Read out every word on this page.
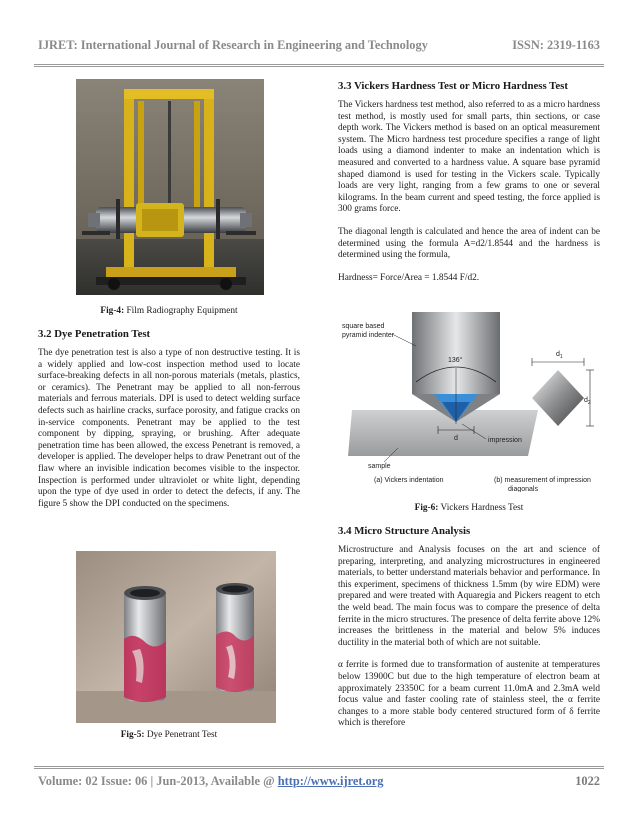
IJRET: International Journal of Research in Engineering and Technology	ISSN: 2319-1163
Fig-4: Film Radiography Equipment

3.2 Dye Penetration Test

The dye penetration test is also a type of non destructive testing. It is a widely applied and low-cost inspection method used to locate surface-breaking defects in all non-porous materials (metals, plastics, or ceramics). The Penetrant may be applied to all non-ferrous materials and ferrous materials. DPI is used to detect welding surface defects such as hairline cracks, surface porosity, and fatigue cracks on in-service components. Penetrant may be applied to the test component by dipping, spraying, or brushing. After adequate penetration time has been allowed, the excess Penetrant is removed, a developer is applied. The developer helps to draw Penetrant out of the flaw where an invisible indication becomes visible to the inspector. Inspection is performed under ultraviolet or white light, depending upon the type of dye used in order to detect the defects, if any. The figure 5 show the DPI conducted on the specimens.

Fig-5: Dye Penetrant Test

3.3 Vickers Hardness Test or Micro Hardness Test

The Vickers hardness test method, also referred to as a micro hardness test method, is mostly used for small parts, thin sections, or case depth work. The Vickers method is based on an optical measurement system. The Micro hardness test procedure specifies a range of light loads using a diamond indenter to make an indentation which is measured and converted to a hardness value. A square base pyramid shaped diamond is used for testing in the Vickers scale. Typically loads are very light, ranging from a few grams to one or several kilograms. In the beam current and speed testing, the force applied is 300 grams force.

The diagonal length is calculated and hence the area of indent can be determined using the formula A=d2/1.8544 and the hardness is determined using the formula,

Hardness= Force/Area = 1.8544 F/d2.

136°
square based
pyramid indenter
d
sample
$d_1$
$d_2$
impression
(a) Vickers indentation	(b) measurement of impression
diagonals
Fig-6: Vickers Hardness Test

3.4 Micro Structure Analysis

Microstructure and Analysis focuses on the art and science of preparing, interpreting, and analyzing microstructures in engineered materials, to better understand materials behavior and performance. In this experiment, specimens of thickness 1.5mm (by wire EDM) were prepared and were treated with Aquaregia and Pickers reagent to etch the weld bead. The main focus was to compare the presence of delta ferrite in the micro structures. The presence of delta ferrite above 12% increases the brittleness in the material and below 5% induces ductility in the material both of which are not suitable.

α ferrite is formed due to transformation of austenite at temperatures below 13900C but due to the high temperature of electron beam at approximately 23350C for a beam current 11.0mA and 2.3mA weld focus value and faster cooling rate of stainless steel, the α ferrite changes to a more stable body centered structured form of δ ferrite which is therefore

Volume: 02 Issue: 06 | Jun-2013, Available @ http://www.ijret.org	1022
